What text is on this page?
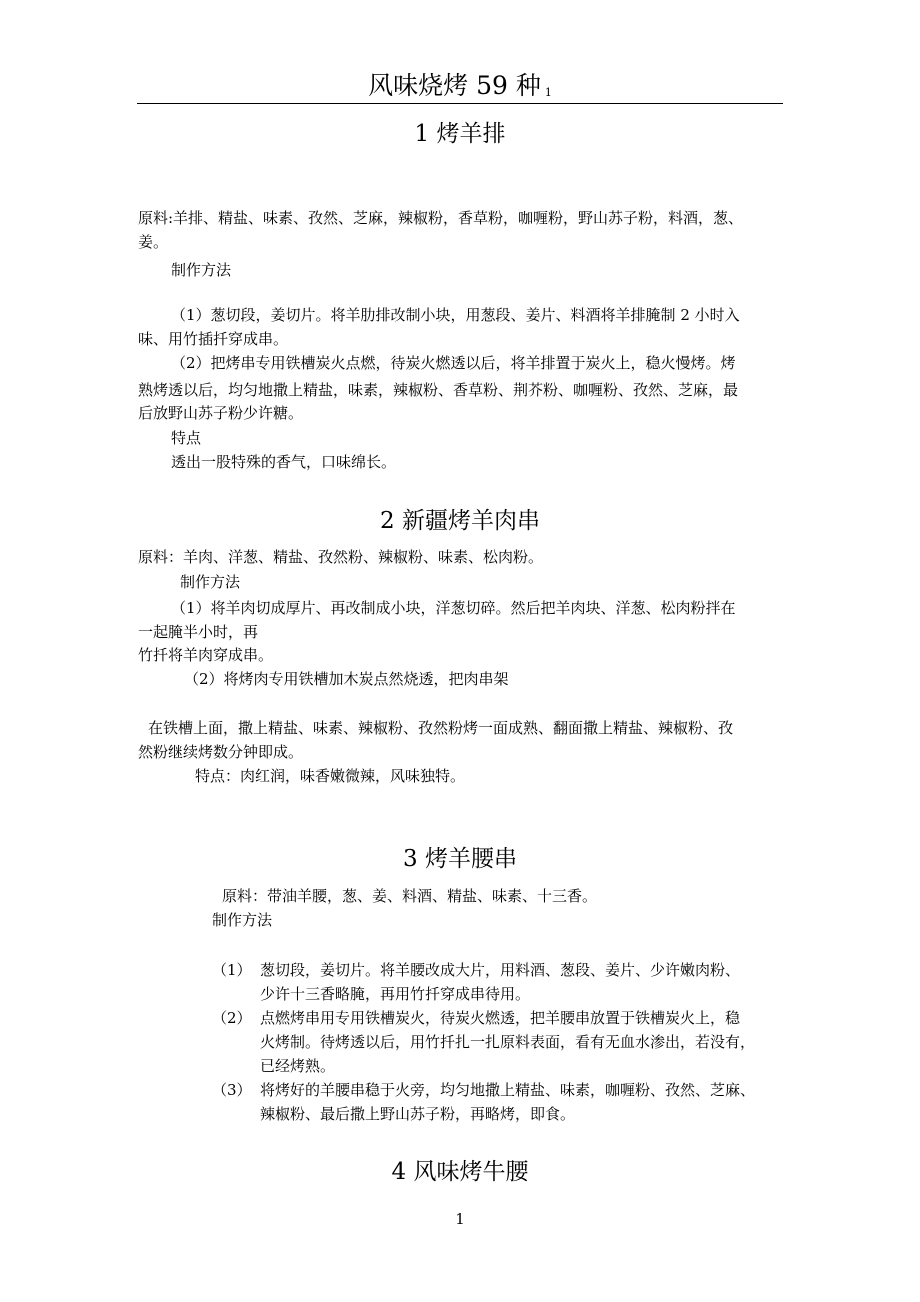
风味烧烤 59 种 1
1 烤羊排
原料:羊排、精盐、味素、孜然、芝麻，辣椒粉，香草粉，咖喱粉，野山苏子粉，料酒，葱、
姜。
制作方法
（1）葱切段，姜切片。将羊肋排改制小块，用葱段、姜片、料酒将羊排腌制 2 小时入
味、用竹插扦穿成串。
（2）把烤串专用铁槽炭火点燃，待炭火燃透以后，将羊排置于炭火上，稳火慢烤。烤
熟烤透以后，均匀地撒上精盐，味素，辣椒粉、香草粉、荆芥粉、咖喱粉、孜然、芝麻，最
后放野山苏子粉少许糖。
特点
透出一股特殊的香气，口味绵长。
2 新疆烤羊肉串
原料：羊肉、洋葱、精盐、孜然粉、辣椒粉、味素、松肉粉。
制作方法
（1）将羊肉切成厚片、再改制成小块，洋葱切碎。然后把羊肉块、洋葱、松肉粉拌在
一起腌半小时，再
竹扦将羊肉穿成串。
（2）将烤肉专用铁槽加木炭点然烧透，把肉串架
在铁槽上面，撒上精盐、味素、辣椒粉、孜然粉烤一面成熟、翻面撒上精盐、辣椒粉、孜
然粉继续烤数分钟即成。
特点：肉红润，味香嫩微辣，风味独特。
3 烤羊腰串
原料：带油羊腰，葱、姜、料酒、精盐、味素、十三香。
制作方法
（1） 葱切段，姜切片。将羊腰改成大片，用料酒、葱段、姜片、少许嫩肉粉、
少许十三香略腌，再用竹扦穿成串待用。
（2） 点燃烤串用专用铁槽炭火，待炭火燃透，把羊腰串放置于铁槽炭火上，稳
火烤制。待烤透以后，用竹扦扎一扎原料表面，看有无血水渗出，若没有，
已经烤熟。
（3） 将烤好的羊腰串稳于火旁，均匀地撒上精盐、味素，咖喱粉、孜然、芝麻、
辣椒粉、最后撒上野山苏子粉，再略烤，即食。
4 风味烤牛腰
1
